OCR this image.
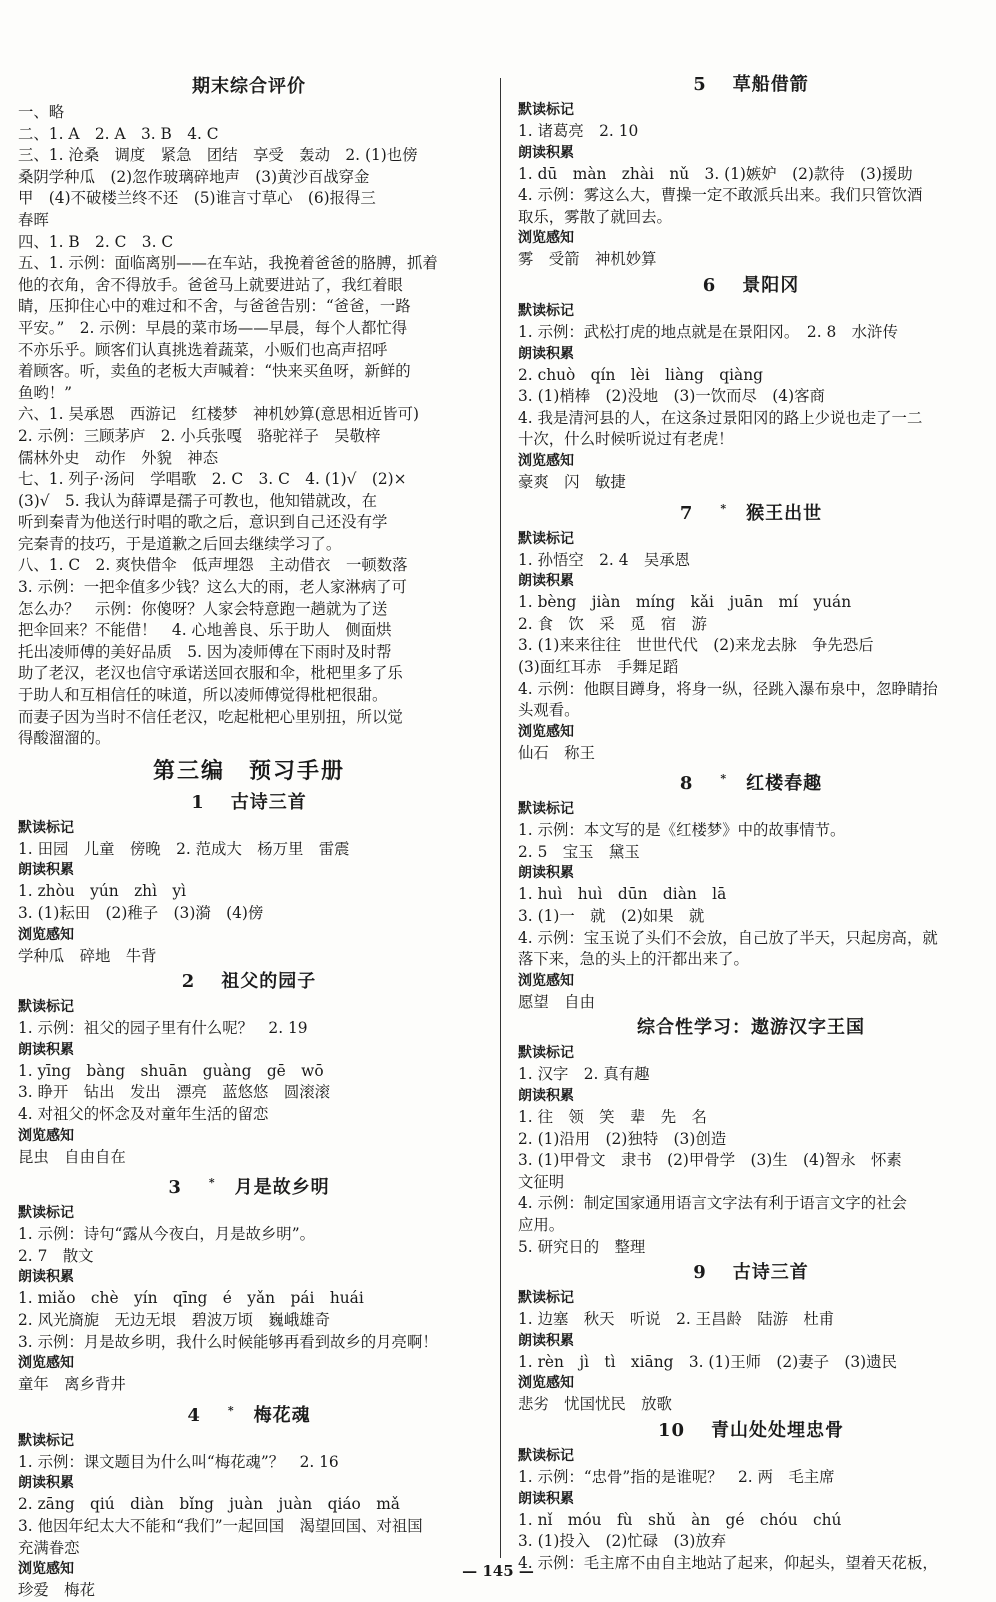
期末综合评价
一、略
二、1. A　2. A　3. B　4. C
三、1. 沧桑　调度　紧急　团结　享受　轰动　2. (1)也傍
桑阴学种瓜　(2)忽作玻璃碎地声　(3)黄沙百战穿金
甲　(4)不破楼兰终不还　(5)谁言寸草心　(6)报得三
春晖
四、1. B　2. C　3. C
五、1. 示例：面临离别——在车站，我挽着爸爸的胳膊，抓着
他的衣角，舍不得放手。爸爸马上就要进站了，我红着眼
睛，压抑住心中的难过和不舍，与爸爸告别：“爸爸，一路
平安。”　2. 示例：早晨的菜市场——早晨，每个人都忙得
不亦乐乎。顾客们认真挑选着蔬菜，小贩们也高声招呼
着顾客。听，卖鱼的老板大声喊着：“快来买鱼呀，新鲜的
鱼哟！”
六、1. 吴承恩　西游记　红楼梦　神机妙算(意思相近皆可)
2. 示例：三顾茅庐　2. 小兵张嘎　骆驼祥子　吴敬梓
儒林外史　动作　外貌　神态
七、1. 列子·汤问　学唱歌　2. C　3. C　4. (1)√　(2)×
(3)√　5. 我认为薛谭是孺子可教也，他知错就改，在
听到秦青为他送行时唱的歌之后，意识到自己还没有学
完秦青的技巧，于是道歉之后回去继续学习了。
八、1. C　2. 爽快借伞　低声埋怨　主动借衣　一顿数落
3. 示例：一把伞值多少钱？这么大的雨，老人家淋病了可
怎么办？　示例：你傻呀？人家会特意跑一趟就为了送
把伞回来？不能借！　4. 心地善良、乐于助人　侧面烘
托出凌师傅的美好品质　5. 因为凌师傅在下雨时及时帮
助了老汉，老汉也信守承诺送回衣服和伞，枇杷里多了乐
于助人和互相信任的味道，所以凌师傅觉得枇杷很甜。
而妻子因为当时不信任老汉，吃起枇杷心里别扭，所以觉
得酸溜溜的。
第三编　预习手册
1 古诗三首
默读标记
1. 田园　儿童　傍晚　2. 范成大　杨万里　雷震
朗读积累
1. zhòu　yún　zhì　yì
3. (1)耘田　(2)稚子　(3)漪　(4)傍
浏览感知
学种瓜　碎地　牛背
2 祖父的园子
默读标记
1. 示例：祖父的园子里有什么呢？　2. 19
朗读积累
1. yīng　bàng　shuān　guàng　gē　wō
3. 睁开　钻出　发出　漂亮　蓝悠悠　圆滚滚
4. 对祖父的怀念及对童年生活的留恋
浏览感知
昆虫　自由自在
3 *  月是故乡明
默读标记
1. 示例：诗句“露从今夜白，月是故乡明”。
2. 7　散文
朗读积累
1. miǎo　chè　yín　qīng　é　yǎn　pái　huái
2. 风光旖旎　无边无垠　碧波万顷　巍峨雄奇
3. 示例：月是故乡明，我什么时候能够再看到故乡的月亮啊！
浏览感知
童年　离乡背井
4 *  梅花魂
默读标记
1. 示例：课文题目为什么叫“梅花魂”？　2. 16
朗读积累
2. zāng　qiú　diàn　bǐng　juàn　juàn　qiáo　mǎ
3. 他因年纪太大不能和“我们”一起回国　渴望回国、对祖国
充满眷恋
浏览感知
珍爱　梅花
5 草船借箭
默读标记
1. 诸葛亮　2. 10
朗读积累
1. dū　màn　zhài　nǔ　3. (1)嫉妒　(2)款待　(3)援助
4. 示例：雾这么大，曹操一定不敢派兵出来。我们只管饮酒
取乐，雾散了就回去。
浏览感知
雾　受箭　神机妙算
6 景阳冈
默读标记
1. 示例：武松打虎的地点就是在景阳冈。　2. 8　水浒传
朗读积累
2. chuò　qín　lèi　liàng　qiàng
3. (1)梢棒　(2)没地　(3)一饮而尽　(4)客商
4. 我是清河县的人，在这条过景阳冈的路上少说也走了一二
十次，什么时候听说过有老虎！
浏览感知
豪爽　闪　敏捷
7 *  猴王出世
默读标记
1. 孙悟空　2. 4　吴承恩
朗读积累
1. bèng　jiàn　míng　kǎi　juān　mí　yuán
2. 食　饮　采　觅　宿　游
3. (1)来来往往　世世代代　(2)来龙去脉　争先恐后
(3)面红耳赤　手舞足蹈
4. 示例：他瞑目蹲身，将身一纵，径跳入瀑布泉中，忽睁睛抬
头观看。
浏览感知
仙石　称王
8 *  红楼春趣
默读标记
1. 示例：本文写的是《红楼梦》中的故事情节。
2. 5　宝玉　黛玉
朗读积累
1. huì　huì　dūn　diàn　lā
3. (1)一　就　(2)如果　就
4. 示例：宝玉说了头们不会放，自己放了半天，只起房高，就
落下来，急的头上的汗都出来了。
浏览感知
愿望　自由
综合性学习：遨游汉字王国
默读标记
1. 汉字　2. 真有趣
朗读积累
1. 往　领　笑　辈　先　名
2. (1)沿用　(2)独特　(3)创造
3. (1)甲骨文　隶书　(2)甲骨学　(3)生　(4)智永　怀素
文征明
4. 示例：制定国家通用语言文字法有利于语言文字的社会
应用。
5. 研究日的　整理
9 古诗三首
默读标记
1. 边塞　秋天　听说　2. 王昌龄　陆游　杜甫
朗读积累
1. rèn　jì　tì　xiāng　3. (1)王师　(2)妻子　(3)遗民
浏览感知
悲劣　忧国忧民　放歌
10 青山处处埋忠骨
默读标记
1. 示例：“忠骨”指的是谁呢？　2. 两　毛主席
朗读积累
1. nǐ　móu　fù　shǔ　àn　gé　chóu　chú
3. (1)投入　(2)忙碌　(3)放弃
4. 示例：毛主席不由自主地站了起来，仰起头，望着天花板，
— 145 —
